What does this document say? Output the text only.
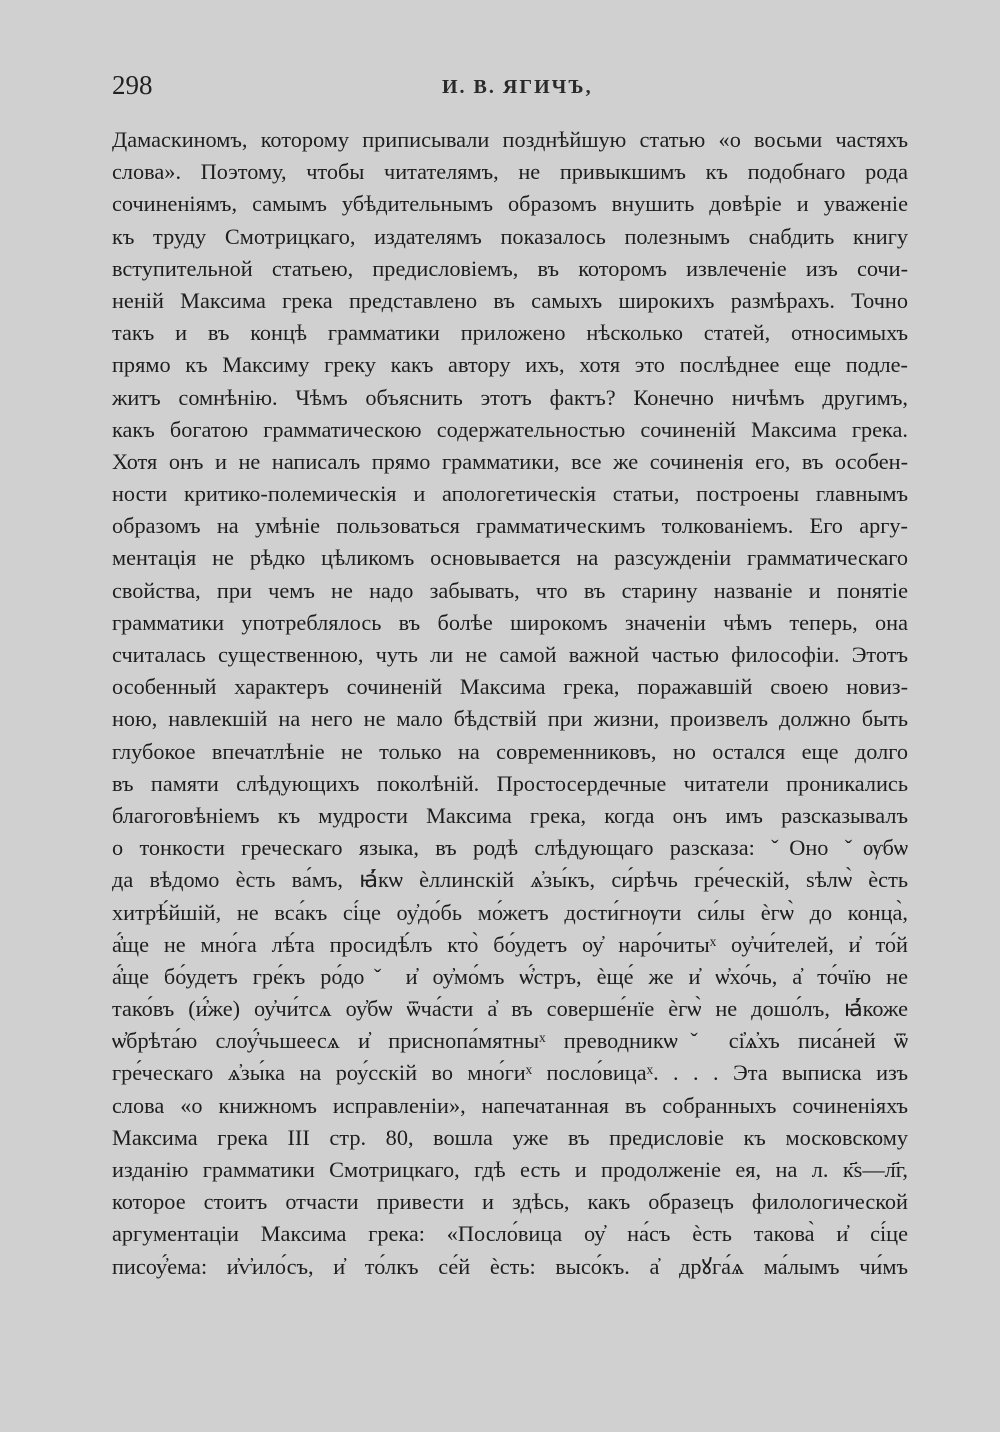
298	И. В. ЯГИЧЪ,
Дамаскиномъ, которому приписывали позднѣйшую статью «о восьми частяхъ
слова». Поэтому, чтобы читателямъ, не привыкшимъ къ подобнаго рода
сочиненіямъ, самымъ убѣдительнымъ образомъ внушить довѣріе и уваженіе
къ труду Смотрицкаго, издателямъ показалось полезнымъ снабдить книгу
вступительной статьею, предисловіемъ, въ которомъ извлеченіе изъ сочи-
неній Максима грека представлено въ самыхъ широкихъ размѣрахъ. Точно
такъ и въ концѣ грамматики приложено нѣсколько статей, относимыхъ
прямо къ Максиму греку какъ автору ихъ, хотя это послѣднее еще подле-
житъ сомнѣнію. Чѣмъ объяснить этотъ фактъ? Конечно ничѣмъ другимъ,
какъ богатою грамматическою содержательностью сочиненій Максима грека.
Хотя онъ и не написалъ прямо грамматики, все же сочиненія его, въ особен-
ности критико-полемическія и апологетическія статьи, построены главнымъ
образомъ на умѣніе пользоваться грамматическимъ толкованіемъ. Его аргу-
ментація не рѣдко цѣликомъ основывается на разсужденіи грамматическаго
свойства, при чемъ не надо забывать, что въ старину названіе и понятіе
грамматики употреблялось въ болѣе широкомъ значеніи чѣмъ теперь, она
считалась существенною, чуть ли не самой важной частью философіи. Этотъ
особенный характеръ сочиненій Максима грека, поражавшій своею новиз-
ною, навлекшій на него не мало бѣдствій при жизни, произвелъ должно быть
глубокое впечатлѣніе не только на современниковъ, но остался еще долго
въ памяти слѣдующихъ поколѣній. Простосердечные читатели проникались
благоговѣніемъ къ мудрости Максима грека, когда онъ имъ разсказывалъ
о тонкости греческаго языка, въ родѣ слѣдующаго разсказа: ˇОно ˇѹбѡ
да вѣдомо ѐсть ва́мъ, ꙗ҆́кѡ ѐллинскій ѧ҆зы́къ, си́рѣчь гре́ческій, ѕѣлѡ̀ ѐсть
хитрѣ́йшій, не вса́къ сі́це оу҆до́бь мо́жетъ дости́гнѹти си́лы ѐгѡ̀ до конца̀,
а҆́ще не мно́га лѣ́та просидѣ́лъ кто̀ бо́удетъ оу҆ наро́читыˣ оу҆чи́телей, и҆ то́й
а҆́ще бо́удетъ гре́къ ро́доˇ и҆ оу҆мо́мъ ѡ҆́стръ, ѐще́ же и҆ ѡ҆хо́чь, а҆ то́чїю не
тако́въ (и҆́же) оу҆чи́тсѧ оу҆бѡ ѿча́сти а҆ въ соверше́нїе ѐгѡ̀ не дошо́лъ, ꙗ҆́коже
ѡ҆брѣта́ю слоу҆́чьшеесѧ и҆ приснопа́мятныˣ преводникѡˇ сі҆ѧ҆хъ писа́ней ѿ
гре́ческаго ѧ҆зы́ка на роу́сскій во мно́гиˣ посло́вицаˣ. . . . Эта выписка изъ
слова «о книжномъ исправленіи», напечатанная въ собранныхъ сочиненіяхъ
Максима грека III стр. 80, вошла уже въ предисловіе къ московскому
изданію грамматики Смотрицкаго, гдѣ есть и продолженіе ея, на л. к҃ѕ—л҃г,
которое стоитъ отчасти привести и здѣсь, какъ образецъ филологической
аргументаціи Максима грека: «Посло́вица оу҆ на́съ ѐсть такова̀ и҆ сі́це
писоу҆́ема: и҆ѵ҆ило́съ, и҆ то́лкъ се́й ѐсть: высо́къ. а҆ дрꙋга́ѧ ма́лымъ чи́мъ
